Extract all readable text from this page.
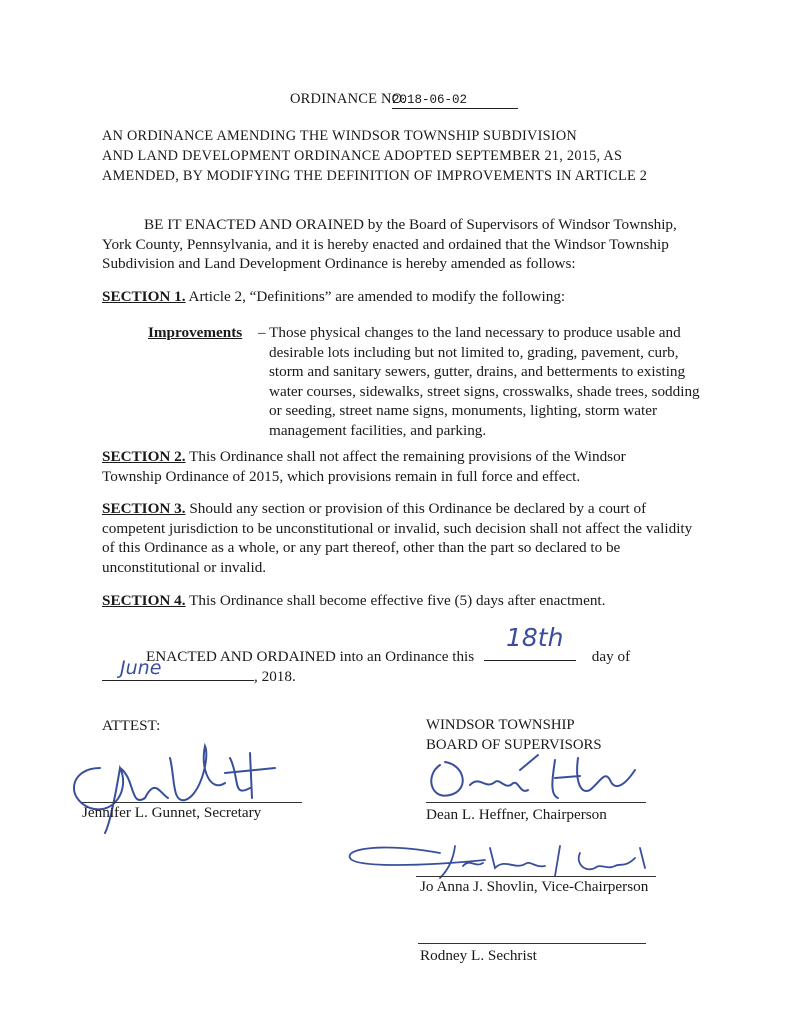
ORDINANCE NO.
2018-06-02
AN ORDINANCE AMENDING THE WINDSOR TOWNSHIP SUBDIVISION
AND LAND DEVELOPMENT ORDINANCE ADOPTED SEPTEMBER 21, 2015, AS
AMENDED, BY MODIFYING THE DEFINITION OF IMPROVEMENTS IN ARTICLE 2
BE IT ENACTED AND ORAINED by the Board of Supervisors of Windsor Township,
York County, Pennsylvania, and it is hereby enacted and ordained that the Windsor Township
Subdivision and Land Development Ordinance is hereby amended as follows:
SECTION 1. Article 2, “Definitions” are amended to modify the following:
Improvements – Those physical changes to the land necessary to produce usable and
desirable lots including but not limited to, grading, pavement, curb,
storm and sanitary sewers, gutter, drains, and betterments to existing
water courses, sidewalks, street signs, crosswalks, shade trees, sodding
or seeding, street name signs, monuments, lighting, storm water
management facilities, and parking.
SECTION 2. This Ordinance shall not affect the remaining provisions of the Windsor
Township Ordinance of 2015, which provisions remain in full force and effect.
SECTION 3. Should any section or provision of this Ordinance be declared by a court of
competent jurisdiction to be unconstitutional or invalid, such decision shall not affect the validity
of this Ordinance as a whole, or any part thereof, other than the part so declared to be
unconstitutional or invalid.
SECTION 4. This Ordinance shall become effective five (5) days after enactment.
ENACTED AND ORDAINED into an Ordinance this
18th
day of
June	, 2018.
ATTEST:	WINDSOR TOWNSHIP
BOARD OF SUPERVISORS
Jennifer L. Gunnet, Secretary	Dean L. Heffner, Chairperson
Jo Anna J. Shovlin, Vice-Chairperson
Rodney L. Sechrist
